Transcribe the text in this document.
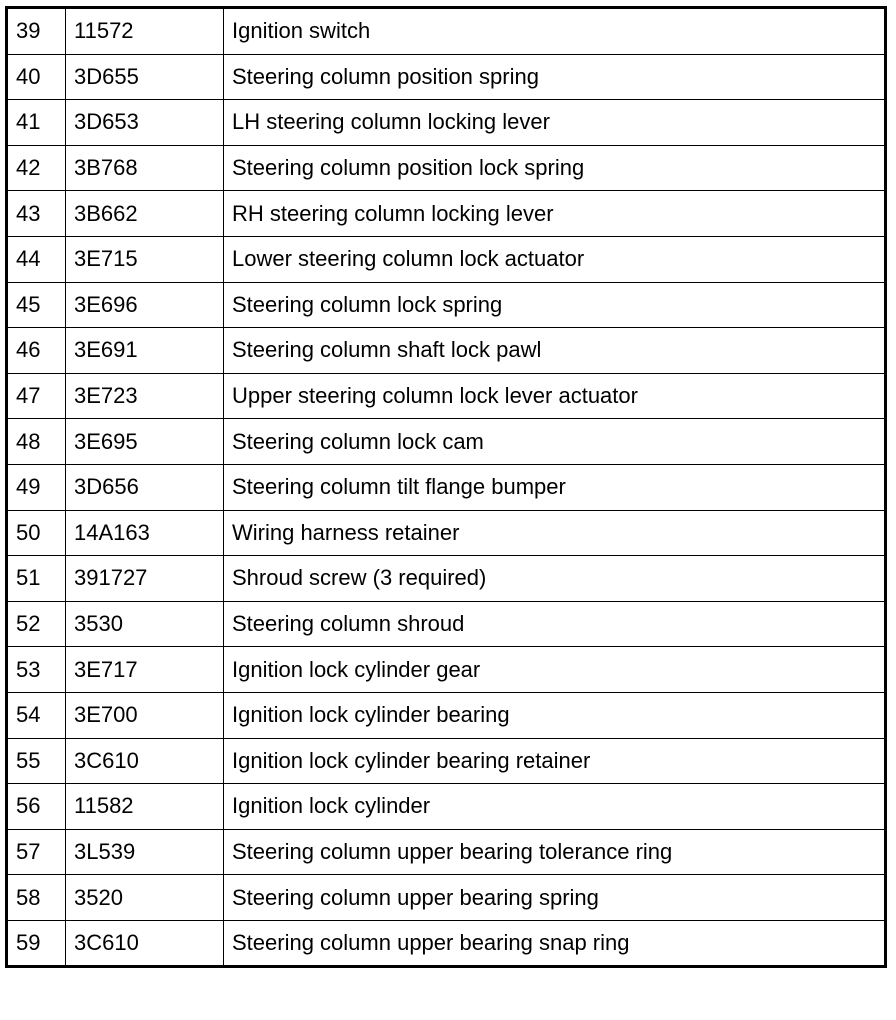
39	11572	Ignition switch
40	3D655	Steering column position spring
41	3D653	LH steering column locking lever
42	3B768	Steering column position lock spring
43	3B662	RH steering column locking lever
44	3E715	Lower steering column lock actuator
45	3E696	Steering column lock spring
46	3E691	Steering column shaft lock pawl
47	3E723	Upper steering column lock lever actuator
48	3E695	Steering column lock cam
49	3D656	Steering column tilt flange bumper
50	14A163	Wiring harness retainer
51	391727	Shroud screw (3 required)
52	3530	Steering column shroud
53	3E717	Ignition lock cylinder gear
54	3E700	Ignition lock cylinder bearing
55	3C610	Ignition lock cylinder bearing retainer
56	11582	Ignition lock cylinder
57	3L539	Steering column upper bearing tolerance ring
58	3520	Steering column upper bearing spring
59	3C610	Steering column upper bearing snap ring
